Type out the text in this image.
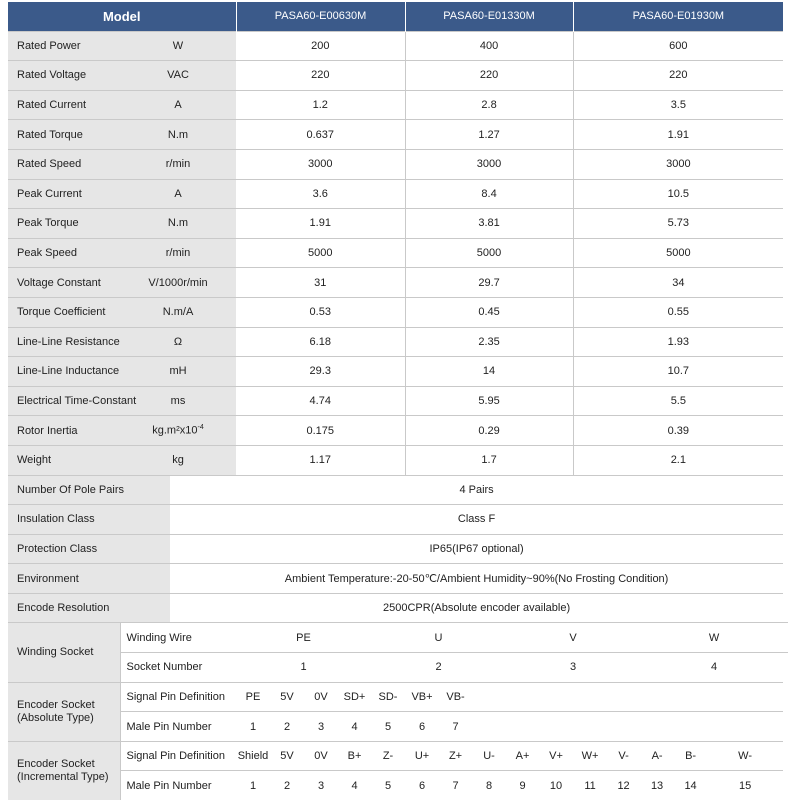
Model			PASA60-E00630M					PASA60-E01330M					PASA60-E01930M				
Rated Power	W		200					400					600				
Rated Voltage	VAC		220					220					220				
Rated Current	A		1.2					2.8					3.5				
Rated Torque	N.m		0.637					1.27					1.91				
Rated Speed	r/min		3000					3000					3000				
Peak Current	A		3.6					8.4					10.5				
Peak Torque	N.m		1.91					3.81					5.73				
Peak Speed	r/min		5000					5000					5000				
Voltage Constant	V/1000r/min		31					29.7					34				
Torque Coefficient	N.m/A		0.53					0.45					0.55				
Line-Line Resistance	Ω		6.18					2.35					1.93				
Line-Line Inductance	mH		29.3					14					10.7				
Electrical Time-Constant	ms		4.74					5.95					5.5				
Rotor Inertia	$kg.m^2x10^{-4}$		0.175					0.29					0.39				
Weight	kg		1.17					1.7					2.1				
Number Of Pole Pairs		4 Pairs															
Insulation Class		Class F															
Protection Class		IP65(IP67 optional)															
Environment		Ambient Temperature:-20-50℃/Ambient Humidity~90%(No Frosting Condition)															
Encode Resolution		2500CPR(Absolute encoder available)															
Winding Socket	Winding Wire		PE				U				V				W		
	Socket Number		1				2				3				4		
Encoder Socket (Absolute Type)	Signal Pin Definition		PE	5V	0V	SD+	SD-	VB+	VB-								
	Male Pin Number		1	2	3	4	5	6	7								
Encoder Socket (Incremental Type)	Signal Pin Definition		Shield	5V	0V	B+	Z-	U+	Z+	U-	A+	V+	W+	V-	A-	B-	W-
	Male Pin Number		1	2	3	4	5	6	7	8	9	10	11	12	13	14	15
